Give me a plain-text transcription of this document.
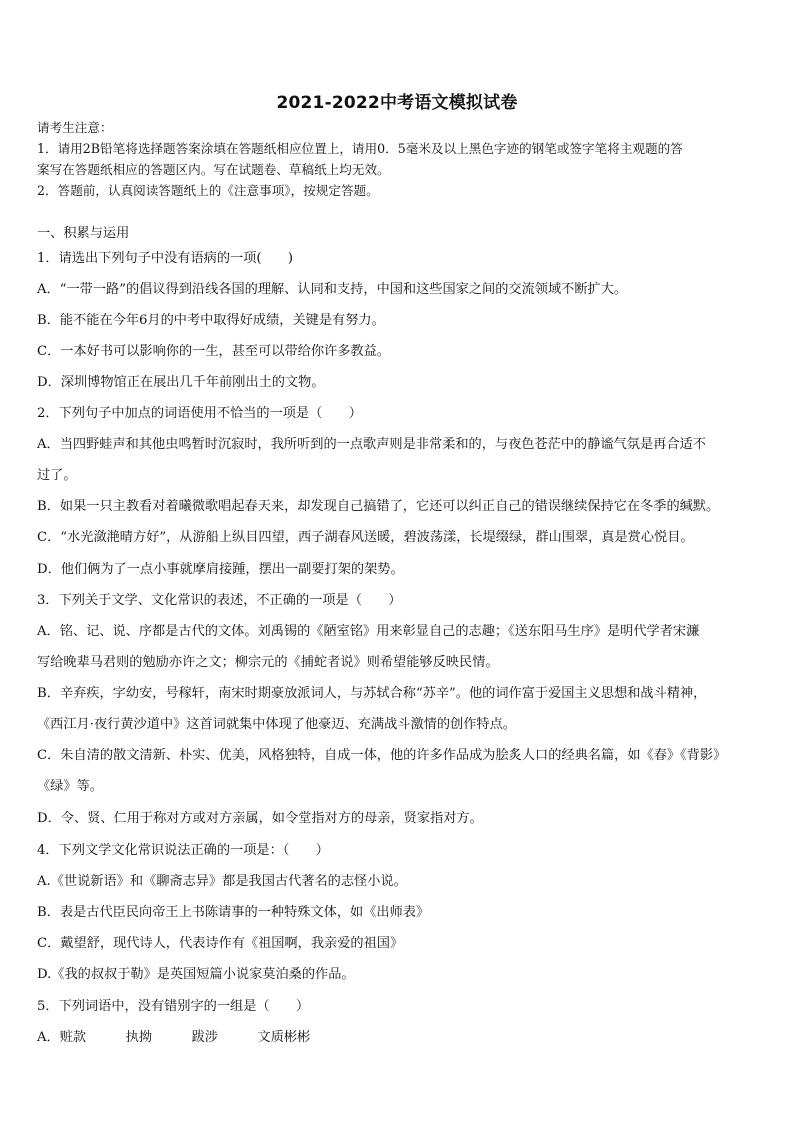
2021-2022中考语文模拟试卷
请考生注意：
1．请用2B铅笔将选择题答案涂填在答题纸相应位置上，请用0．5毫米及以上黑色字迹的钢笔或签字笔将主观题的答
案写在答题纸相应的答题区内。写在试题卷、草稿纸上均无效。
2．答题前，认真阅读答题纸上的《注意事项》，按规定答题。
一、积累与运用
1．请选出下列句子中没有语病的一项(　　)
A．“一带一路”的倡议得到沿线各国的理解、认同和支持，中国和这些国家之间的交流领域不断扩大。
B．能不能在今年6月的中考中取得好成绩，关键是有努力。
C．一本好书可以影响你的一生，甚至可以带给你许多教益。
D．深圳博物馆正在展出几千年前刚出土的文物。
2．下列句子中加点的词语使用不恰当的一项是（　　）
A．当四野蛙声和其他虫鸣暂时沉寂时，我所听到的一点歌声则是非常柔和的，与夜色苍茫中的静谧气氛是再合适不
过了。
B．如果一只主教看对着曦微歌唱起春天来，却发现自己搞错了，它还可以纠正自己的错误继续保持它在冬季的缄默。
C．“水光潋滟晴方好”，从游船上纵目四望，西子湖春风送暖，碧波荡漾，长堤缀绿，群山围翠，真是赏心悦目。
D．他们俩为了一点小事就摩肩接踵，摆出一副要打架的架势。
3．下列关于文学、文化常识的表述，不正确的一项是（　　）
A．铭、记、说、序都是古代的文体。刘禹锡的《陋室铭》用来彰显自己的志趣；《送东阳马生序》是明代学者宋濂
写给晚辈马君则的勉励亦许之文；柳宗元的《捕蛇者说》则希望能够反映民情。
B．辛弃疾，字幼安，号稼轩，南宋时期豪放派词人，与苏轼合称“苏辛”。他的词作富于爱国主义思想和战斗精神，
《西江月·夜行黄沙道中》这首词就集中体现了他豪迈、充满战斗激情的创作特点。
C．朱自清的散文清新、朴实、优美，风格独特，自成一体，他的许多作品成为脍炙人口的经典名篇，如《春》《背影》
《绿》等。
D．令、贤、仁用于称对方或对方亲属，如令堂指对方的母亲，贤家指对方。
4．下列文学文化常识说法正确的一项是：（　　）
A.《世说新语》和《聊斋志异》都是我国古代著名的志怪小说。
B．表是古代臣民向帝王上书陈请事的一种特殊文体，如《出师表》
C．戴望舒，现代诗人，代表诗作有《祖国啊，我亲爱的祖国》
D.《我的叔叔于勒》是英国短篇小说家莫泊桑的作品。
5．下列词语中，没有错别字的一组是（　　）
A．赃款　　　执拗　　　跋涉　　　文质彬彬
